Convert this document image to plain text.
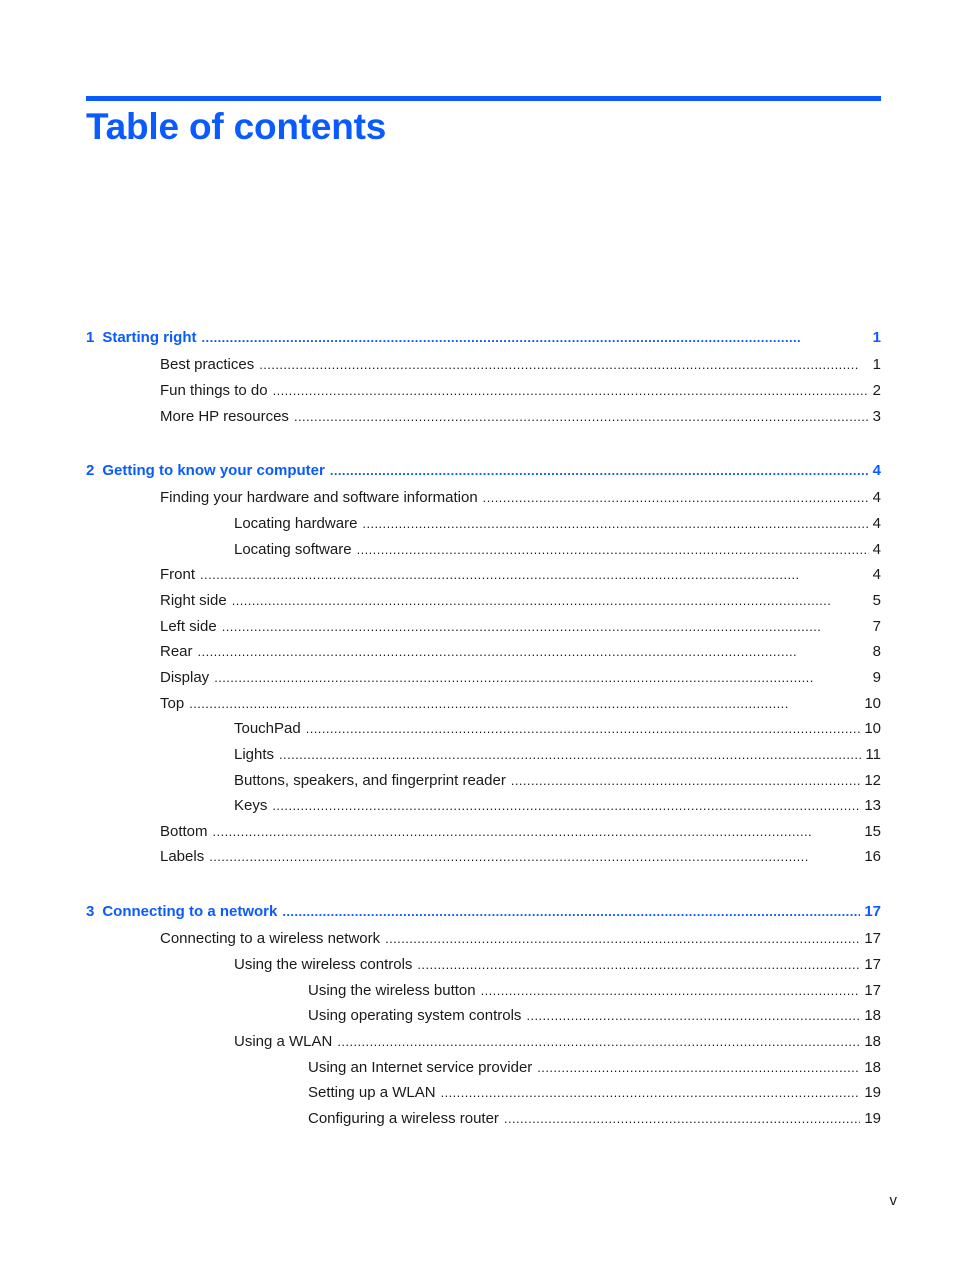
Table of contents
1 Starting right . . .	1
Best practices . . .	1
Fun things to do . . .	2
More HP resources . . .	3
2 Getting to know your computer . . .	4
Finding your hardware and software information . . .	4
Locating hardware . . .	4
Locating software . . .	4
Front . . .	4
Right side . . .	5
Left side . . .	7
Rear . . .	8
Display . . .	9
Top . . .	10
TouchPad . . .	10
Lights . . .	11
Buttons, speakers, and fingerprint reader . . .	12
Keys . . .	13
Bottom . . .	15
Labels . . .	16
3 Connecting to a network . . .	17
Connecting to a wireless network . . .	17
Using the wireless controls . . .	17
Using the wireless button . . .	17
Using operating system controls . . .	18
Using a WLAN . . .	18
Using an Internet service provider . . .	18
Setting up a WLAN . . .	19
Configuring a wireless router . . .	19
v
